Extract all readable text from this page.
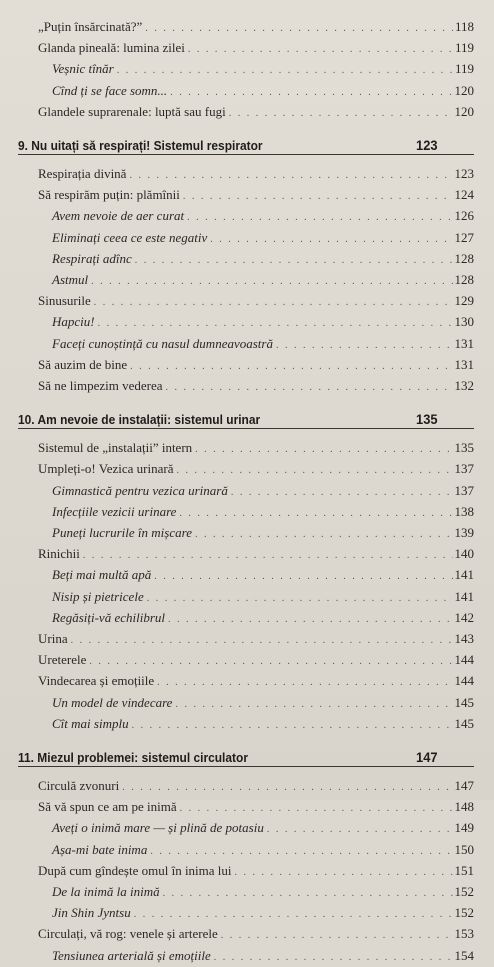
„Puțin însărcinată?” . . .	118
Glanda pineală: lumina zilei . . .	119
Veșnic tînăr . . .	119
Cînd ți se face somn... . . .	120
Glandele suprarenale: luptă sau fugi . . .	120
9. Nu uitați să respirați! Sistemul respirator	123
Respirația divină . . .	123
Să respirăm puțin: plămînii . . .	124
Avem nevoie de aer curat . . .	126
Eliminați ceea ce este negativ . . .	127
Respirați adînc . . .	128
Astmul . . .	128
Sinusurile . . .	129
Hapciu! . . .	130
Faceți cunoștință cu nasul dumneavoastră . . .	131
Să auzim de bine . . .	131
Să ne limpezim vederea . . .	132
10. Am nevoie de instalații: sistemul urinar	135
Sistemul de „instalații” intern . . .	135
Umpleți-o! Vezica urinară . . .	137
Gimnastică pentru vezica urinară . . .	137
Infecțiile vezicii urinare . . .	138
Puneți lucrurile în mișcare . . .	139
Rinichii . . .	140
Beți mai multă apă . . .	141
Nisip și pietricele . . .	141
Regăsiți-vă echilibrul . . .	142
Urina . . .	143
Ureterele . . .	144
Vindecarea și emoțiile . . .	144
Un model de vindecare . . .	145
Cît mai simplu . . .	145
11. Miezul problemei: sistemul circulator	147
Circulă zvonuri . . .	147
Să vă spun ce am pe inimă . . .	148
Aveți o inimă mare — și plină de potasiu . . .	149
Așa-mi bate inima . . .	150
După cum gîndește omul în inima lui . . .	151
De la inimă la inimă . . .	152
Jin Shin Jyntsu . . .	152
Circulați, vă rog: venele și arterele . . .	153
Tensiunea arterială și emoțiile . . .	154
